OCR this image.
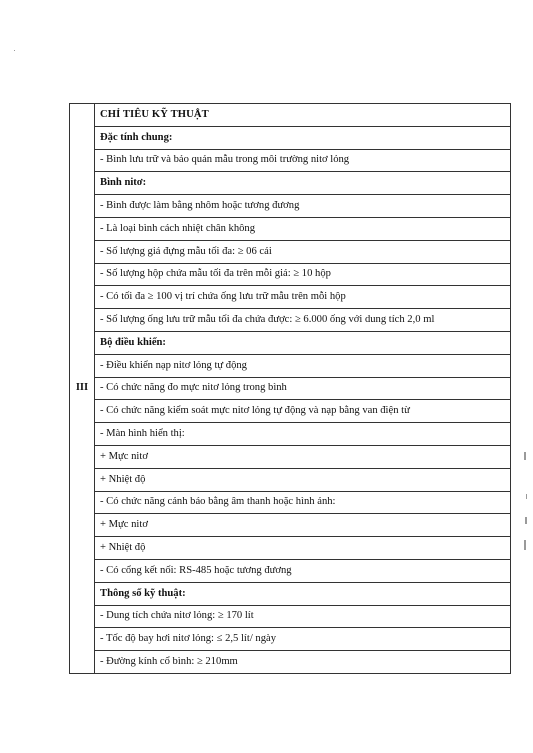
III	CHỈ TIÊU KỸ THUẬT
Đặc tính chung:
- Bình lưu trữ và bảo quản mẫu trong môi trường nitơ lỏng
Bình nitơ:
- Bình được làm bằng nhôm hoặc tương đương
- Là loại bình cách nhiệt chân không
- Số lượng giá đựng mẫu tối đa: ≥ 06 cái
- Số lượng hộp chứa mẫu tối đa trên mỗi giá: ≥ 10 hộp
- Có tối đa ≥ 100 vị trí chứa ống lưu trữ mẫu trên mỗi hộp
- Số lượng ống lưu trữ mẫu tối đa chứa được: ≥ 6.000 ống với dung tích 2,0 ml
Bộ điều khiển:
- Điều khiển nạp nitơ lỏng tự động
- Có chức năng đo mực nitơ lỏng trong bình
- Có chức năng kiểm soát mực nitơ lỏng tự động và nạp bằng van điện từ
- Màn hình hiển thị:
+ Mực nitơ
+ Nhiệt độ
- Có chức năng cảnh báo bằng âm thanh hoặc hình ảnh:
+ Mực nitơ
+ Nhiệt độ
- Có cổng kết nối: RS-485 hoặc tương đương
Thông số kỹ thuật:
- Dung tích chứa nitơ lỏng: ≥ 170 lít
- Tốc độ bay hơi nitơ lỏng: ≤ 2,5 lít/ ngày
- Đường kính cổ bình: ≥ 210mm
